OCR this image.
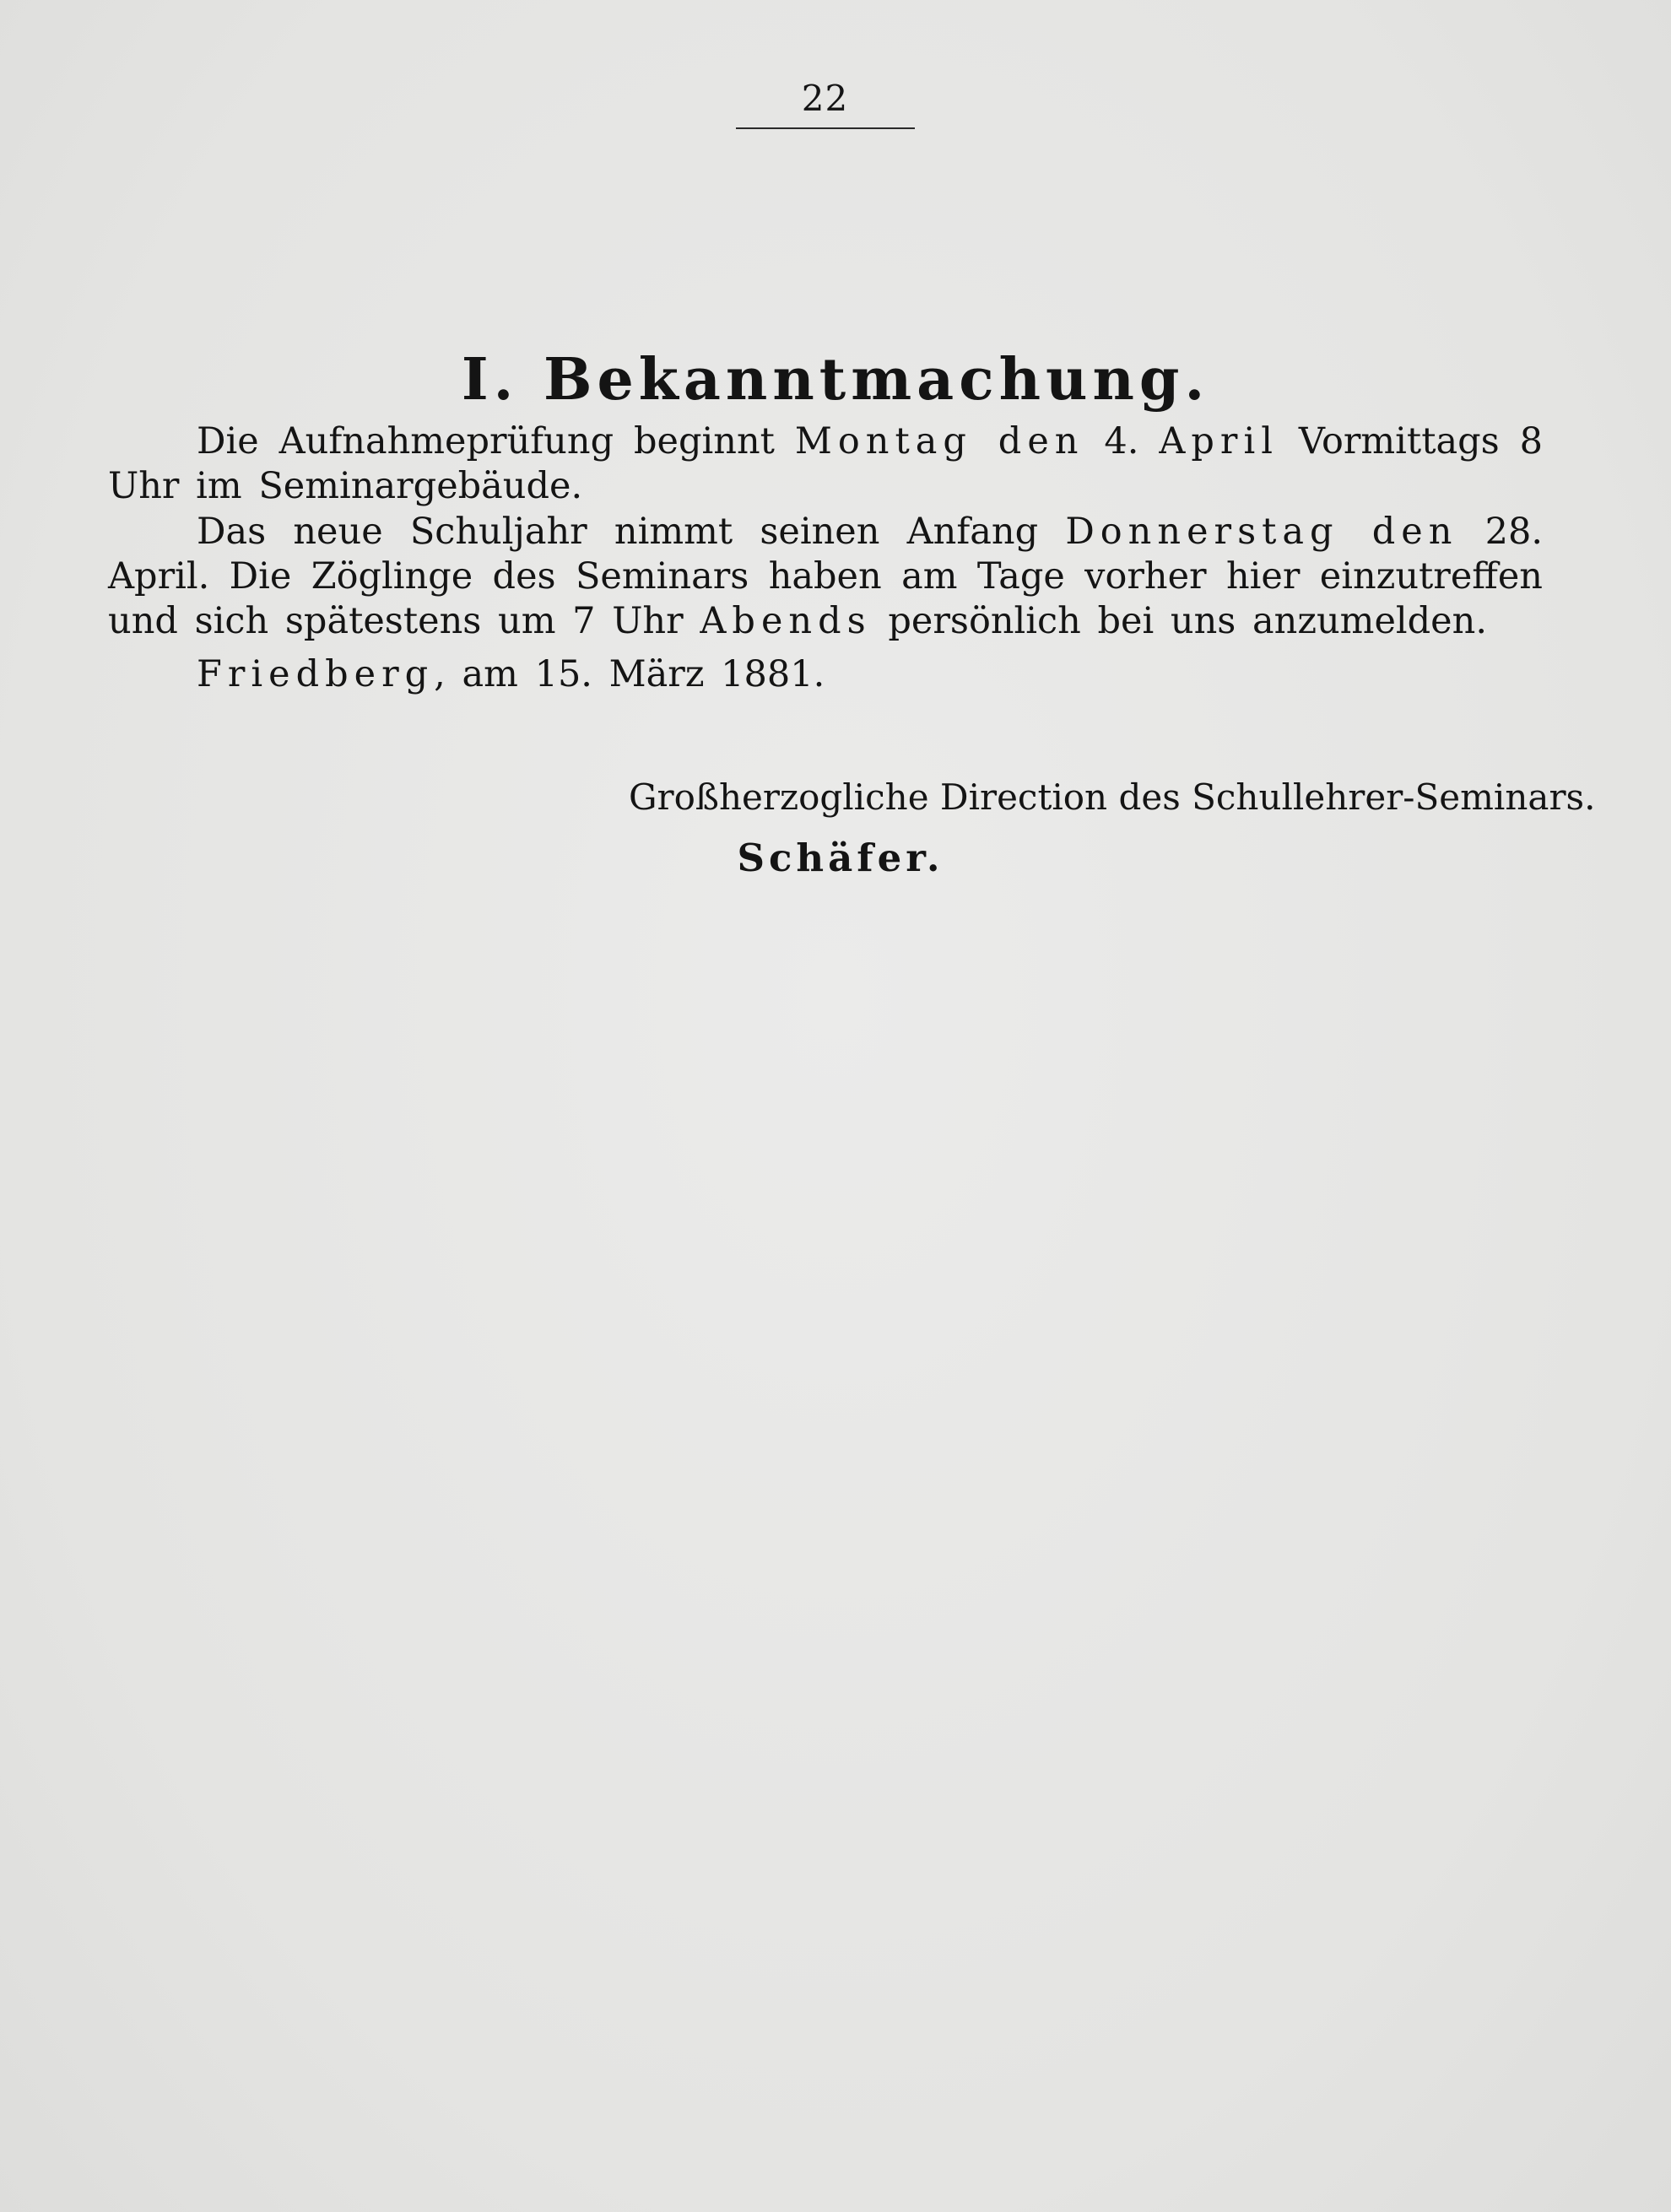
22
I. Bekanntmachung.
Die Aufnahmeprüfung beginnt Montag den 4. April Vormittags 8 Uhr im Seminargebäude.
Das neue Schuljahr nimmt seinen Anfang Donnerstag den 28. April. Die Zöglinge des Seminars haben am Tage vorher hier einzutreffen und sich spätestens um 7 Uhr Abends persönlich bei uns anzumelden.
Friedberg, am 15. März 1881.
Großherzogliche Direction des Schullehrer-Seminars.
Schäfer.
